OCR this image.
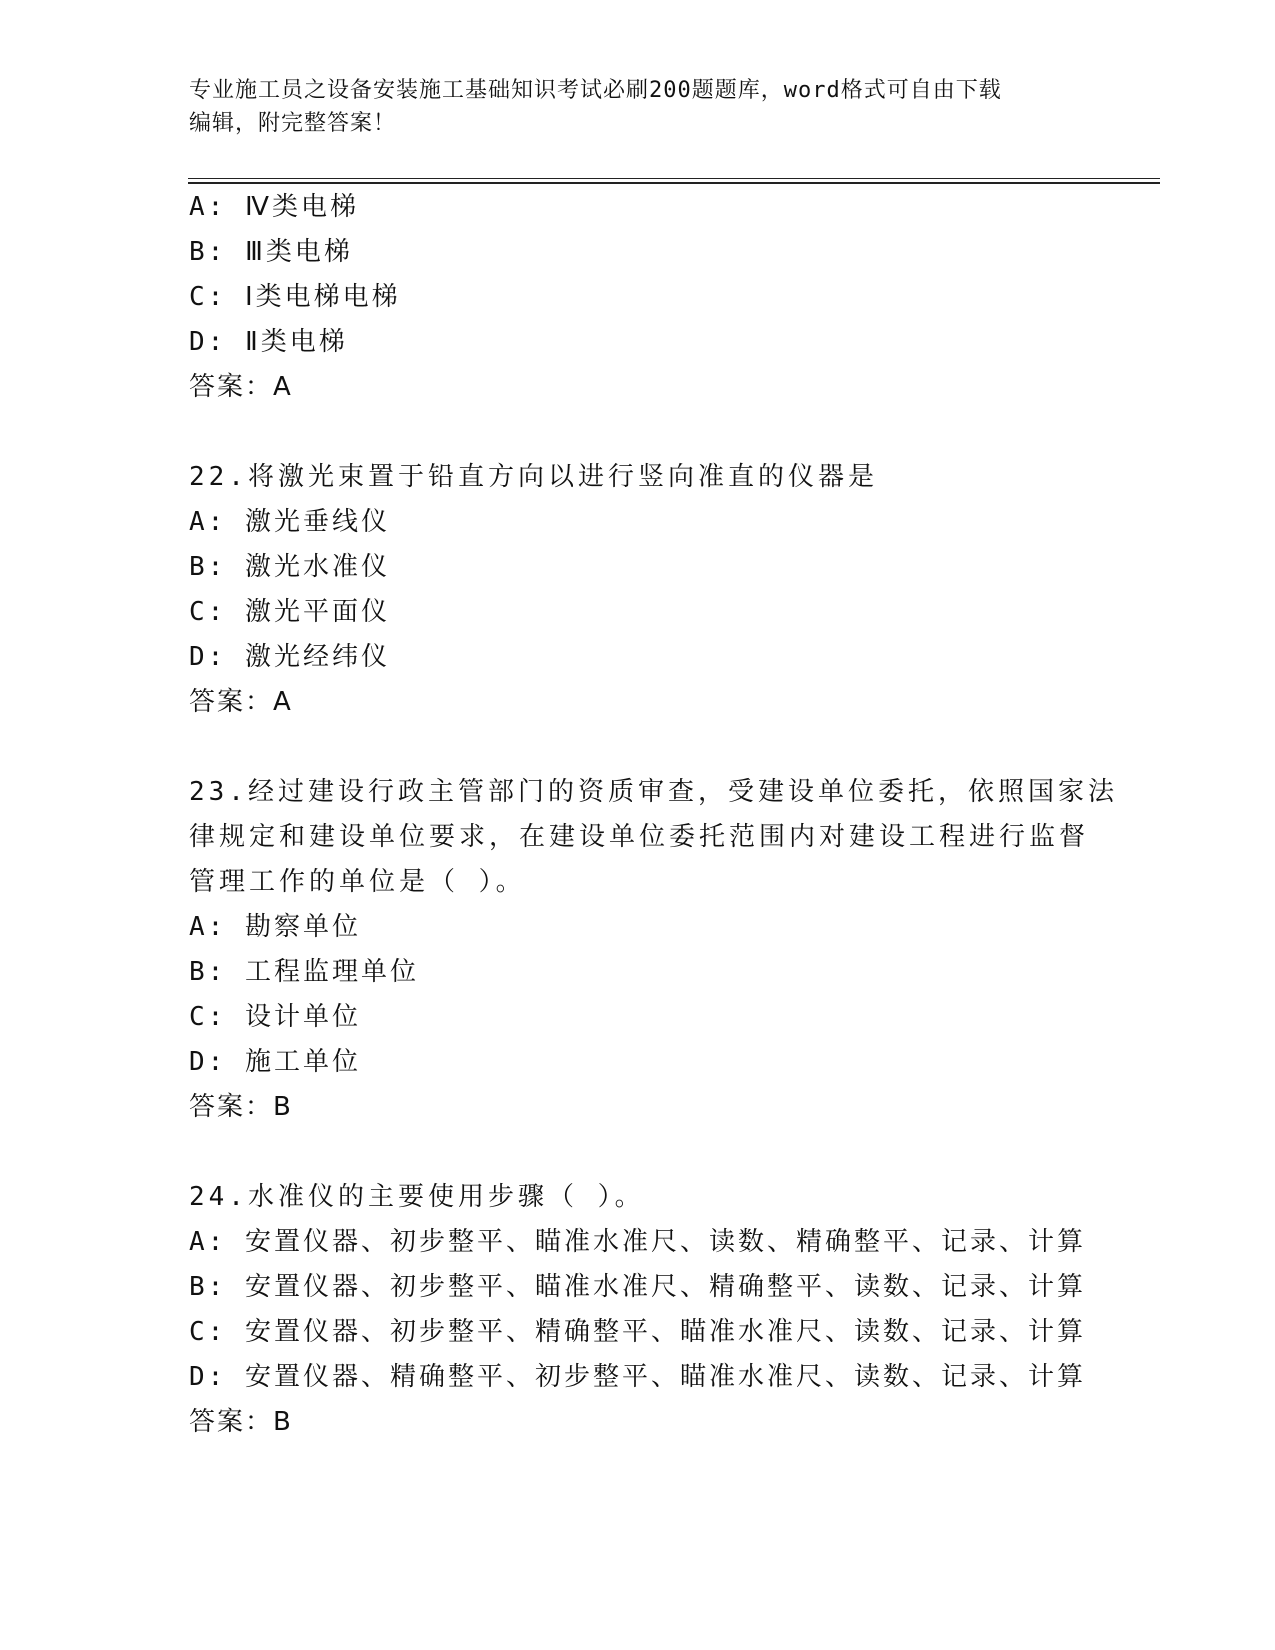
专业施工员之设备安装施工基础知识考试必刷200题题库，word格式可自由下载
编辑，附完整答案！
A: Ⅳ类电梯
B: Ⅲ类电梯
C: Ⅰ类电梯电梯
D: Ⅱ类电梯
答案：A
22.将激光束置于铅直方向以进行竖向准直的仪器是
A: 激光垂线仪
B: 激光水准仪
C: 激光平面仪
D: 激光经纬仪
答案：A
23.经过建设行政主管部门的资质审查，受建设单位委托，依照国家法
律规定和建设单位要求，在建设单位委托范围内对建设工程进行监督
管理工作的单位是（ ）。
A: 勘察单位
B: 工程监理单位
C: 设计单位
D: 施工单位
答案：B
24.水准仪的主要使用步骤（ ）。
A: 安置仪器、初步整平、瞄准水准尺、读数、精确整平、记录、计算
B: 安置仪器、初步整平、瞄准水准尺、精确整平、读数、记录、计算
C: 安置仪器、初步整平、精确整平、瞄准水准尺、读数、记录、计算
D: 安置仪器、精确整平、初步整平、瞄准水准尺、读数、记录、计算
答案：B
